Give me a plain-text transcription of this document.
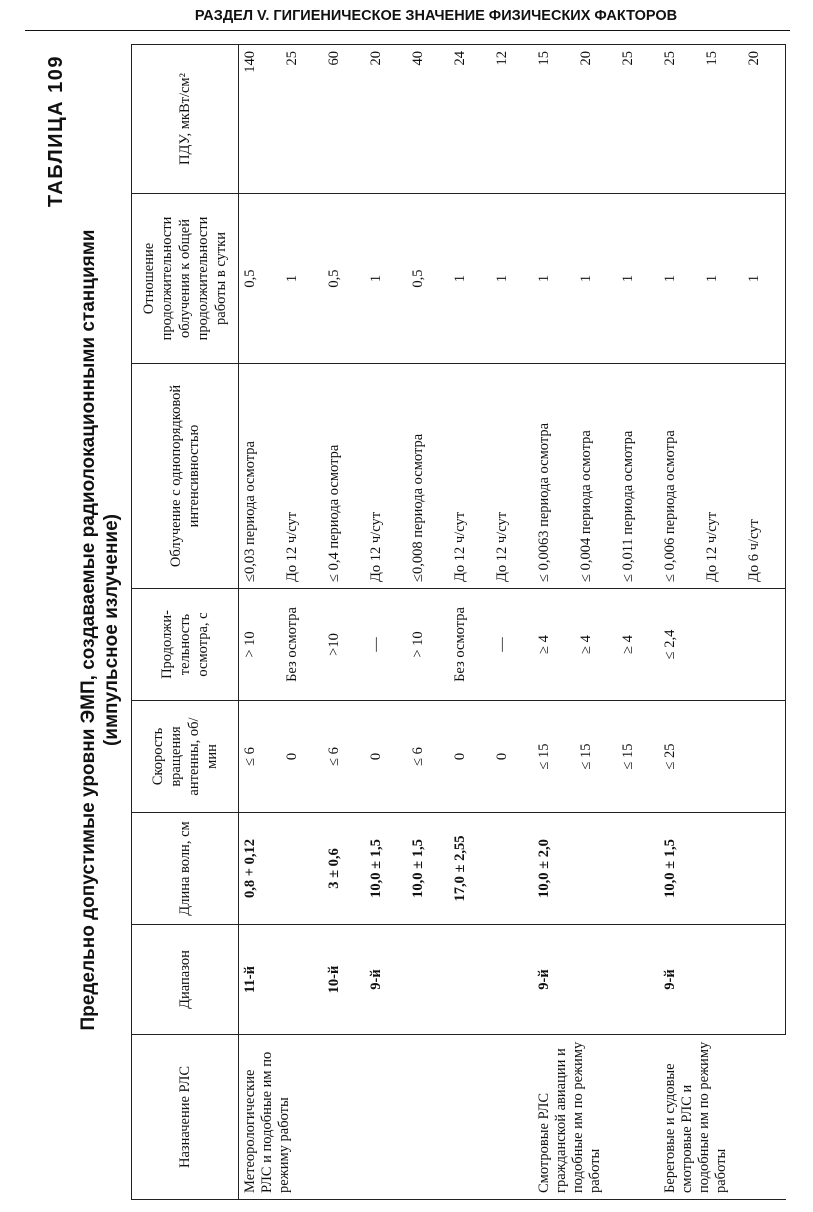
РАЗДЕЛ V. ГИГИЕНИЧЕСКОЕ ЗНАЧЕНИЕ ФИЗИЧЕСКИХ ФАКТОРОВ
ТАБЛИЦА 109
Предельно допустимые уровни ЭМП, создаваемые радиолокационными станциями (импульсное излучение)
Назначение РЛС	Диапазон	Длина волн, см	Скорость вращения антенны, об/мин	Продолжи-тельность осмотра, с	Облучение с однопорядковой интенсивностью	Отношение продолжительности облучения к общей продолжительности работы в сутки	ПДУ, мкВт/см²
Метеорологические РЛС и подобные им по режиму работы	11-й	0,8 + 0,12	≤ 6	> 10	≤0,03 периода осмотра	0,5	140
			0	Без осмотра	До 12 ч/сут	1	25
	10-й	3 ± 0,6	≤ 6	>10	≤ 0,4 периода осмотра	0,5	60
	9-й	10,0 ± 1,5	0	—	До 12 ч/сут	1	20
		10,0 ± 1,5	≤ 6	> 10	≤0,008 периода осмотра	0,5	40
		17,0 ± 2,55	0	Без осмотра	До 12 ч/сут	1	24
			0	—	До 12 ч/сут	1	12
Смотровые РЛС гражданской авиации и подобные им по режиму работы	9-й	10,0 ± 2,0	≤ 15	≥ 4	≤ 0,0063 периода осмотра	1	15
			≤ 15	≥ 4	≤ 0,004 периода осмотра	1	20
			≤ 15	≥ 4	≤ 0,011 периода осмотра	1	25
Береговые и судовые смотровые РЛС и подобные им по режиму работы	9-й	10,0 ± 1,5	≤ 25	≤ 2,4	≤ 0,006 периода осмотра	1	25
					До 12 ч/сут	1	15
					До 6 ч/сут	1	20
